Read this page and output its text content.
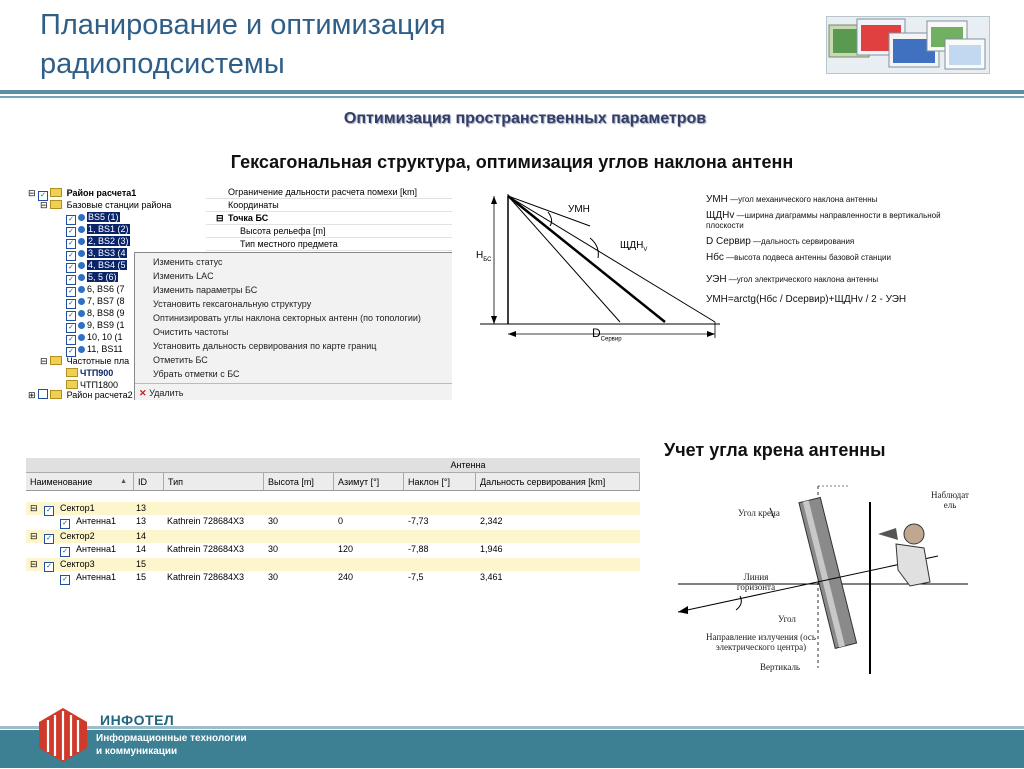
Планирование и оптимизация
радиоподсистемы
Оптимизация пространственных параметров
Гексагональная структура, оптимизация углов наклона антенн
⊟ ✓ Район расчета1
⊟ Базовые станции района
✓ BS5 (1)
✓ 1, BS1 (2)
✓ 2, BS2 (3)
✓ 3, BS3 (4
✓ 4, BS4 (5
✓ 5, 5 (6)
✓ 6, BS6 (7
✓ 7, BS7 (8
✓ 8, BS8 (9
✓ 9, BS9 (1
✓ 10, 10 (1
✓ 11, BS11
⊟ Частотные пла
ЧТП900
ЧТП1800
⊞	Район расчета2
Ограничение дальности расчета помехи [km]
Координаты
⊟ Точка БС
Высота рельефа [m]
Тип местного предмета
Изменить статус
Изменить LAC
Изменить параметры БС
Установить гексагональную структуру
Оптинизировать углы наклона секторных антенн (по топологии)
Очистить частоты
Установить дальность сервирования по карте границ
Отметить БС
Убрать отметки с БС
✕ Удалить
УМН
$ЩДН_V$
$Н_{БС}$
$D_{Сервир}$
УМН —угол механического наклона антенны
ЩДНv —ширина диаграммы направленности в вертикальной плоскости
D Сервир —дальность сервирования
Нбс —высота подвеса антенны базовой станции
УЭН —угол электрического наклона антенны
УМН=arctg(Нбс / Dсервир)+ЩДНv / 2 - УЭН
Антенна
Наименование	▲	ID	Тип	Высота [m]	Азимут [°]	Наклон [°]	Дальность сервирования [km]
⊟ ✓ Сектор1	13
✓ Антенна1 13 Kathrein 728684X3	30	0	-7,73	2,342
⊟ ✓ Сектор2	14
✓ Антенна1 14 Kathrein 728684X3	30	120	-7,88	1,946
⊟ ✓ Сектор3	15
✓ Антенна1 15 Kathrein 728684X3	30	240	-7,5	3,461
Учет угла крена антенны
Угол крена
Наблюдат ель
Линия горизонта
Угол
Направление излучения (ось электрического центра)
Вертикаль
ИНФОТЕЛ
Информационные технологии
и коммуникации
